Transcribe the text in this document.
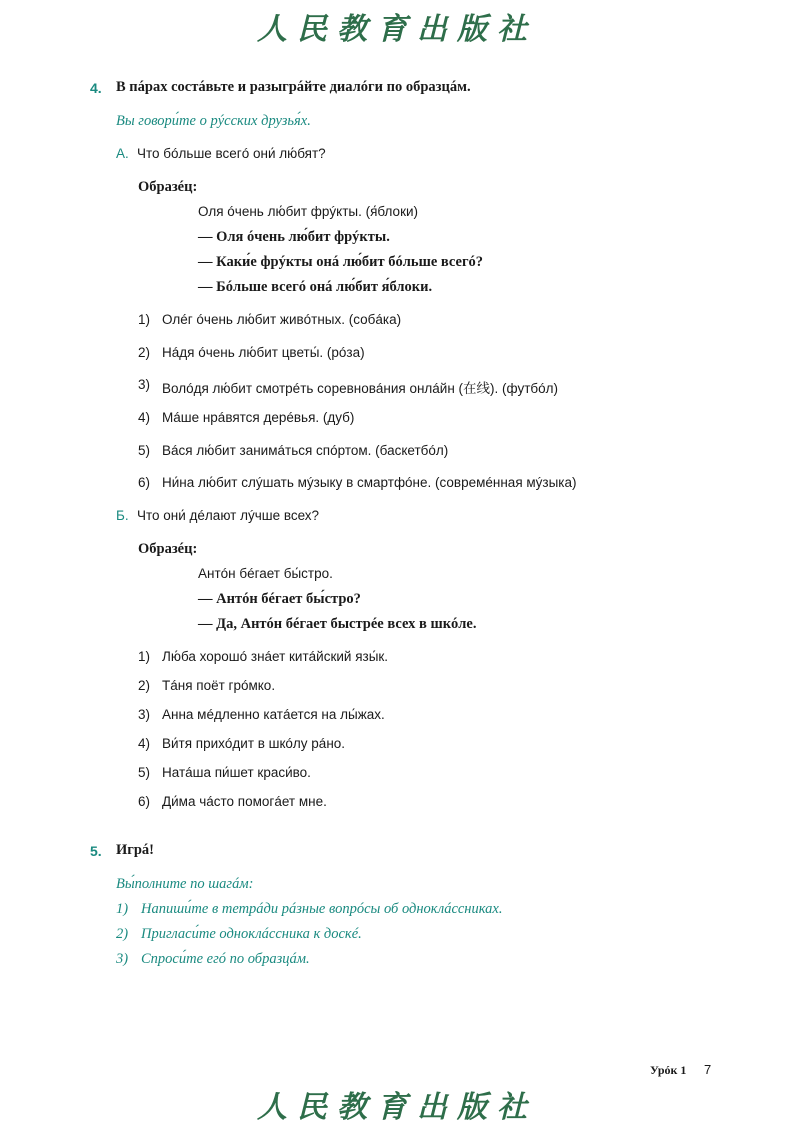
人民教育出版社
4. В пáрах состáвьте и разыгрáйте диалóги по образцáм.
Вы говори́те о рýсских друзья́х.
А. Что бóльше всегó они́ лю́бят?
Образéц:
Оля óчень лю́бит фрýкты. (я́блоки)
— Оля óчень лю́бит фрýкты.
— Каки́е фрýкты онá лю́бит бóльше всегó?
— Бóльше всегó онá лю́бит я́блоки.
1) Олéг óчень лю́бит живóтных. (собáка)
2) Нáдя óчень лю́бит цветы́. (рóза)
3) Волóдя лю́бит смотрéть соревновáния онлáйн (在线). (футбóл)
4) Мáше нрáвятся дерéвья. (дуб)
5) Вáся лю́бит занимáться спóртом. (баскетбóл)
6) Ни́на лю́бит слýшать мýзыку в смартфóне. (совремéнная мýзыка)
Б. Что они́ дéлают лýчше всех?
Образéц:
Антóн бéгает бы́стро.
— Антóн бéгает бы́стро?
— Да, Антóн бéгает быстрéе всех в шкóле.
1) Лю́ба хорошó знáет китáйский язы́к.
2) Тáня поёт грóмко.
3) Анна мéдленно катáется на лы́жах.
4) Ви́тя прихóдит в шкóлу рáно.
5) Натáша пи́шет краси́во.
6) Ди́ма чáсто помогáет мне.
5. Игрá!
Вы́полните по шагáм:
1) Напиши́те в тетрáди рáзные вопрóсы об одноклáссниках.
2) Пригласи́те одноклáссника к доскé.
3) Спроси́те егó по образцáм.
Урóк 1 7
人民教育出版社
